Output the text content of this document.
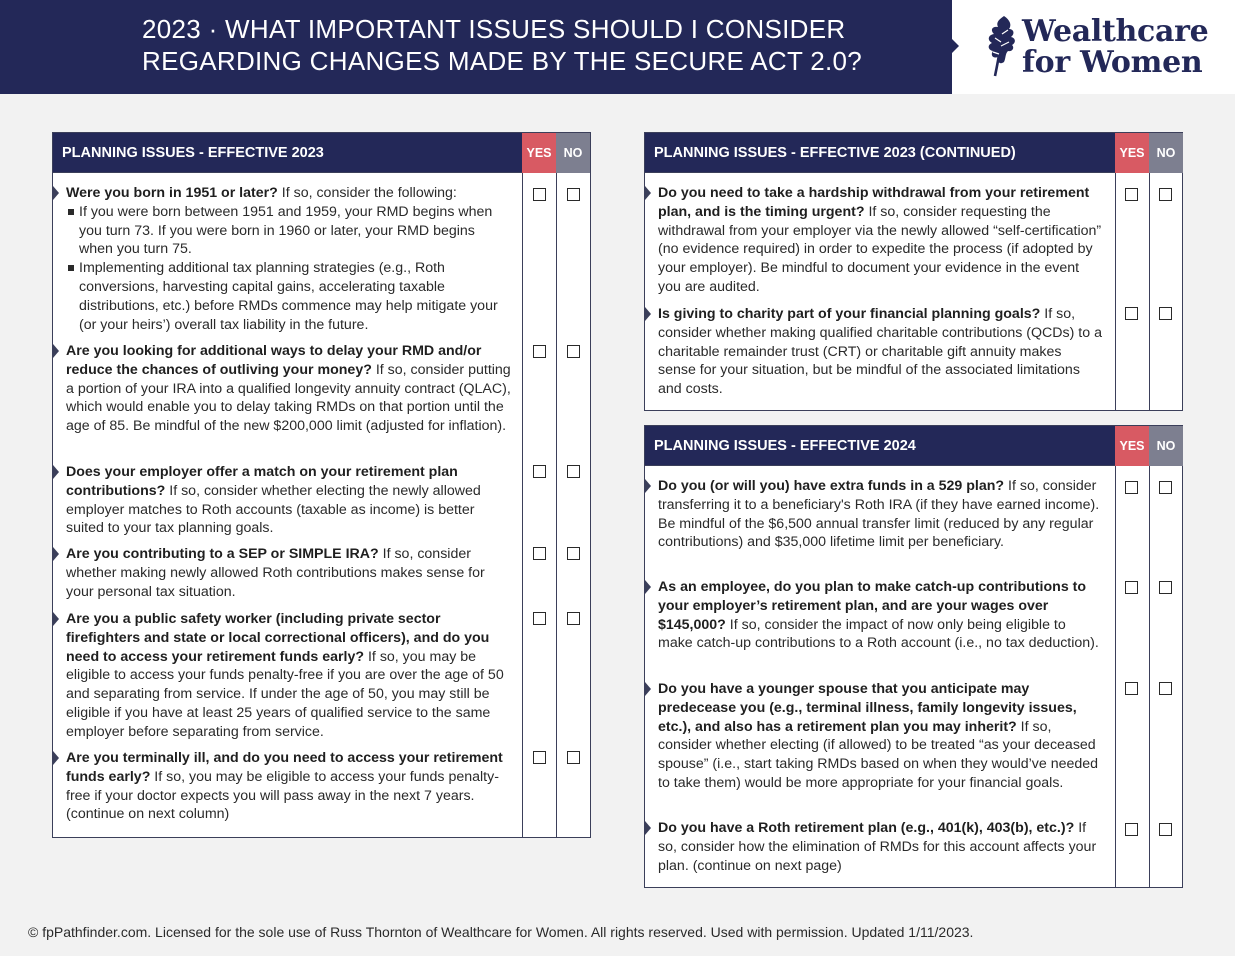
2023 · WHAT IMPORTANT ISSUES SHOULD I CONSIDER
REGARDING CHANGES MADE BY THE SECURE ACT 2.0?
Wealthcare
for Women
PLANNING ISSUES - EFFECTIVE 2023	YES NO
Were you born in 1951 or later? If so, consider the following:
If you were born between 1951 and 1959, your RMD begins when you turn 73. If you were born in 1960 or later, your RMD begins when you turn 75.
Implementing additional tax planning strategies (e.g., Roth conversions, harvesting capital gains, accelerating taxable distributions, etc.) before RMDs commence may help mitigate your (or your heirs’) overall tax liability in the future.
Are you looking for additional ways to delay your RMD and/or reduce the chances of outliving your money? If so, consider putting a portion of your IRA into a qualified longevity annuity contract (QLAC), which would enable you to delay taking RMDs on that portion until the age of 85. Be mindful of the new $200,000 limit (adjusted for inflation).
Does your employer offer a match on your retirement plan contributions? If so, consider whether electing the newly allowed employer matches to Roth accounts (taxable as income) is better suited to your tax planning goals.
Are you contributing to a SEP or SIMPLE IRA? If so, consider whether making newly allowed Roth contributions makes sense for your personal tax situation.
Are you a public safety worker (including private sector firefighters and state or local correctional officers), and do you need to access your retirement funds early? If so, you may be eligible to access your funds penalty-free if you are over the age of 50 and separating from service. If under the age of 50, you may still be eligible if you have at least 25 years of qualified service to the same employer before separating from service.
Are you terminally ill, and do you need to access your retirement funds early? If so, you may be eligible to access your funds penalty-free if your doctor expects you will pass away in the next 7 years. (continue on next column)
PLANNING ISSUES - EFFECTIVE 2023 (CONTINUED)	YES NO
Do you need to take a hardship withdrawal from your retirement plan, and is the timing urgent? If so, consider requesting the withdrawal from your employer via the newly allowed “self-certification” (no evidence required) in order to expedite the process (if adopted by your employer). Be mindful to document your evidence in the event you are audited.
Is giving to charity part of your financial planning goals? If so, consider whether making qualified charitable contributions (QCDs) to a charitable remainder trust (CRT) or charitable gift annuity makes sense for your situation, but be mindful of the associated limitations and costs.
PLANNING ISSUES - EFFECTIVE 2024	YES NO
Do you (or will you) have extra funds in a 529 plan? If so, consider transferring it to a beneficiary's Roth IRA (if they have earned income). Be mindful of the $6,500 annual transfer limit (reduced by any regular contributions) and $35,000 lifetime limit per beneficiary.
As an employee, do you plan to make catch-up contributions to your employer’s retirement plan, and are your wages over $145,000? If so, consider the impact of now only being eligible to make catch-up contributions to a Roth account (i.e., no tax deduction).
Do you have a younger spouse that you anticipate may predecease you (e.g., terminal illness, family longevity issues, etc.), and also has a retirement plan you may inherit? If so, consider whether electing (if allowed) to be treated “as your deceased spouse” (i.e., start taking RMDs based on when they would’ve needed to take them) would be more appropriate for your financial goals.
Do you have a Roth retirement plan (e.g., 401(k), 403(b), etc.)? If so, consider how the elimination of RMDs for this account affects your plan. (continue on next page)
© fpPathfinder.com. Licensed for the sole use of Russ Thornton of Wealthcare for Women. All rights reserved. Used with permission. Updated 1/11/2023.
